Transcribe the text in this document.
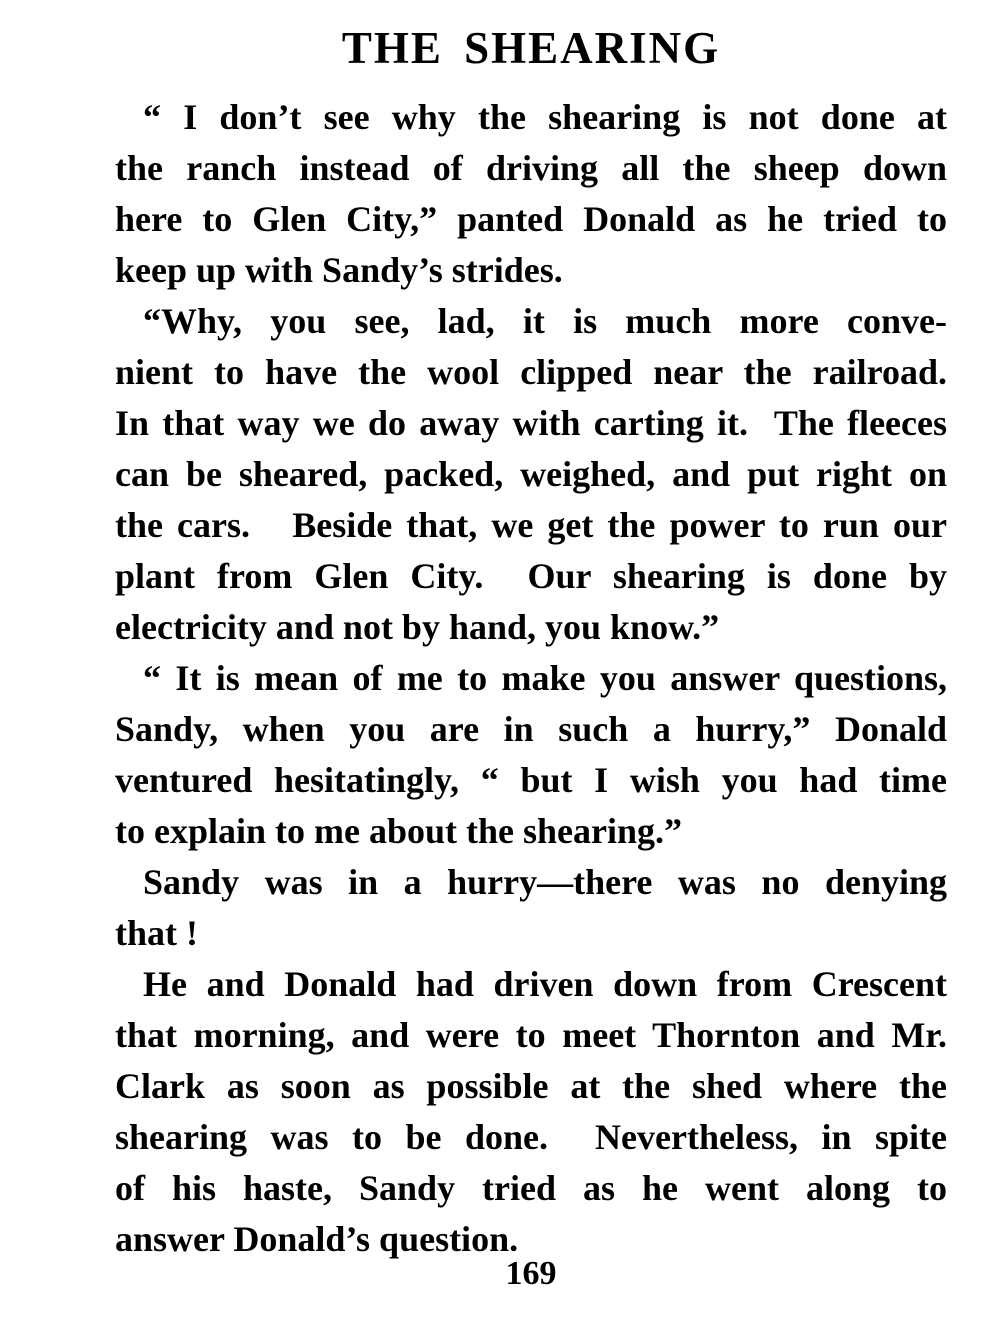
THE SHEARING

“ I don’t see why the shearing is not done at
the ranch instead of driving all the sheep down
here to Glen City,” panted Donald as he tried to
keep up with Sandy’s strides.

“Why, you see, lad, it is much more conve-
nient to have the wool clipped near the railroad.
In that way we do away with carting it.  The fleeces
can be sheared, packed, weighed, and put right on
the cars.   Beside that, we get the power to run our
plant from Glen City.  Our shearing is done by
electricity and not by hand, you know.”

“ It is mean of me to make you answer questions,
Sandy, when you are in such a hurry,” Donald
ventured hesitatingly, “ but I wish you had time
to explain to me about the shearing.”

Sandy was in a hurry—there was no denying
that !

He and Donald had driven down from Crescent
that morning, and were to meet Thornton and Mr.
Clark as soon as possible at the shed where the
shearing was to be done.  Nevertheless, in spite
of his haste, Sandy tried as he went along to
answer Donald’s question.

169
